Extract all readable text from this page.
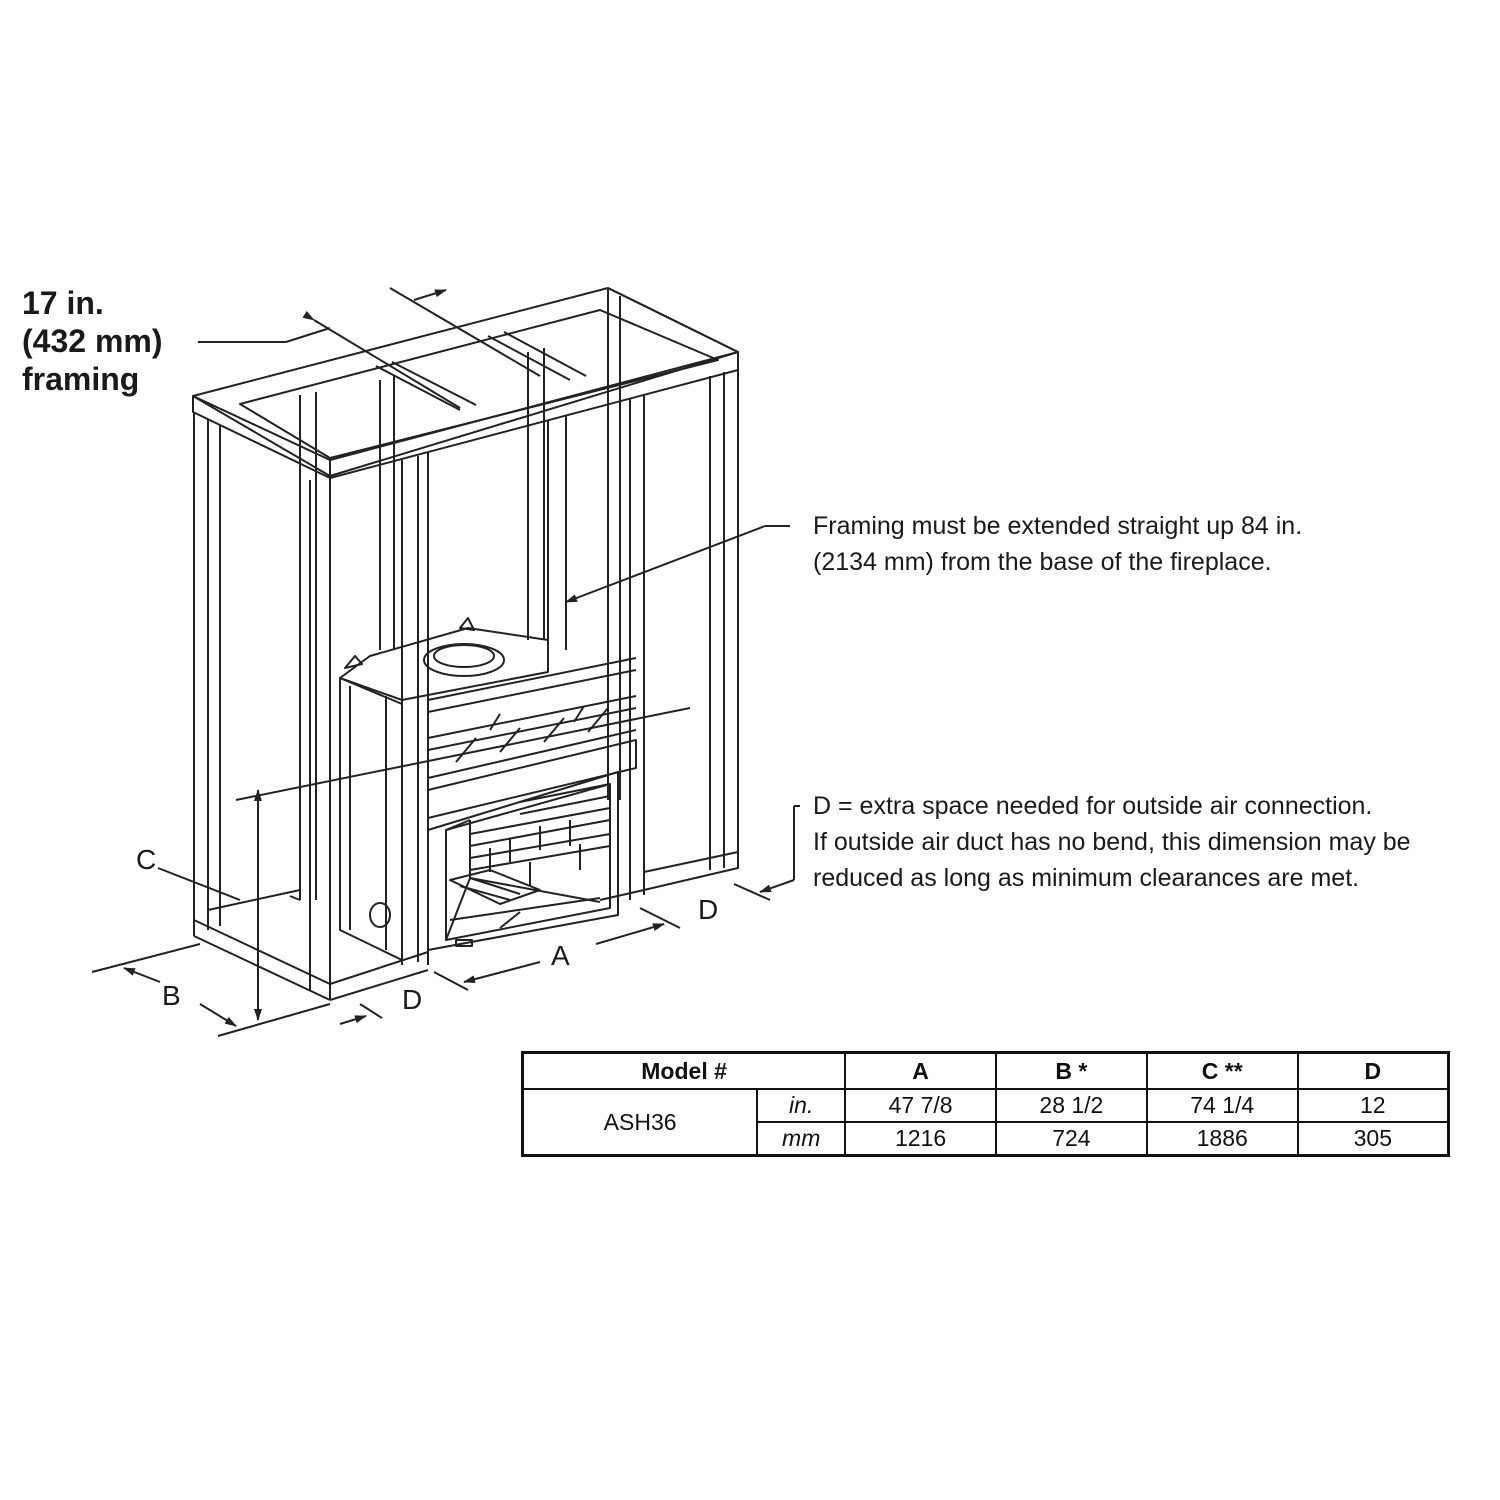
17 in.
(432 mm)
framing
Framing must be extended straight up 84 in.
(2134 mm) from the base of the fireplace.
D = extra space needed for outside air connection.
If outside air duct has no bend, this dimension may be
reduced as long as minimum clearances are met.
C
B	D
A
D
Model #		A	B *	C **	D
ASH36	in.	47 7/8	28 1/2	74 1/4	12
	mm	1216	724	1886	305
